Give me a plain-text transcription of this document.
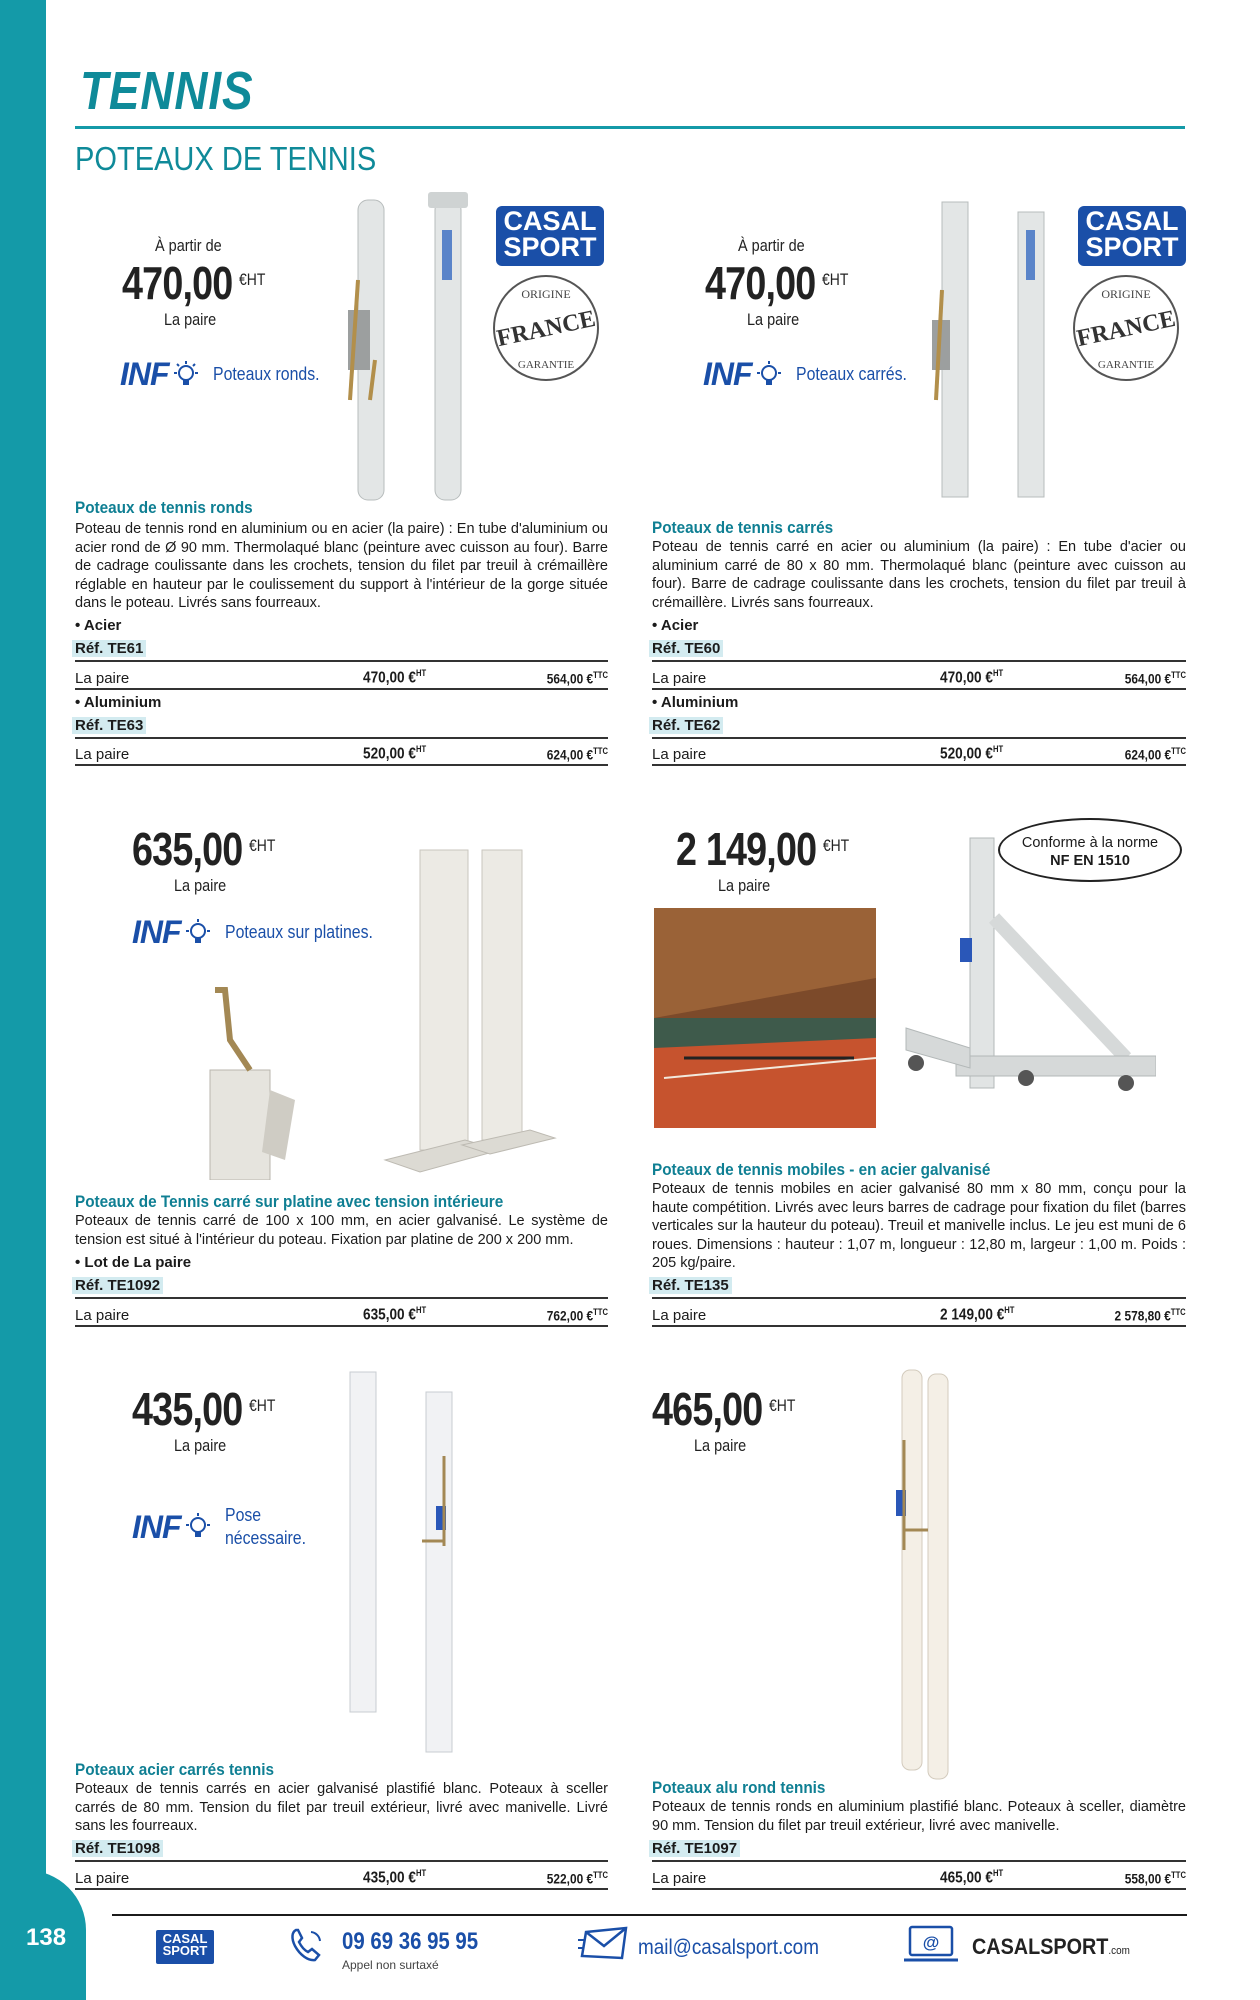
138
TENNIS
POTEAUX DE TENNIS
À partir de
470,00 $^{€HT}$
La paire
INF Poteaux ronds.
CASAL
SPORT
ORIGINE
FRANCE
GARANTIE
Poteaux de tennis ronds
Poteau de tennis rond en aluminium ou en acier (la paire) : En tube d'aluminium ou acier rond de Ø 90 mm. Thermolaqué blanc (peinture avec cuisson au four). Barre de cadrage coulissante dans les crochets, tension du filet par treuil à crémaillère réglable en hauteur par le coulissement du support à l'intérieur de la gorge située dans le poteau. Livrés sans fourreaux.
• Acier
Réf. TE61
La paire	470,00 €$^{HT}$	564,00 €$^{TTC}$
• Aluminium
Réf. TE63
La paire	520,00 €$^{HT}$	624,00 €$^{TTC}$
À partir de
470,00 $^{€HT}$
La paire
INF Poteaux carrés.
CASAL
SPORT
ORIGINE
FRANCE
GARANTIE
Poteaux de tennis carrés
Poteau de tennis carré en acier ou aluminium (la paire) : En tube d'acier ou aluminium carré de 80 x 80 mm. Thermolaqué blanc (peinture avec cuisson au four). Barre de cadrage coulissante dans les crochets, tension du filet par treuil à crémaillère. Livrés sans fourreaux.
• Acier
Réf. TE60
La paire	470,00 €$^{HT}$	564,00 €$^{TTC}$
• Aluminium
Réf. TE62
La paire	520,00 €$^{HT}$	624,00 €$^{TTC}$
635,00 $^{€HT}$
La paire
INF Poteaux sur platines.
Poteaux de Tennis carré sur platine avec tension intérieure
Poteaux de tennis carré de 100 x 100 mm, en acier galvanisé. Le système de tension est situé à l'intérieur du poteau. Fixation par platine de 200 x 200 mm.
• Lot de La paire
Réf. TE1092
La paire	635,00 €$^{HT}$	762,00 €$^{TTC}$
2 149,00 $^{€HT}$
La paire
Conforme à la norme
NF EN 1510
Poteaux de tennis mobiles - en acier galvanisé
Poteaux de tennis mobiles en acier galvanisé 80 mm x 80 mm, conçu pour la haute compétition. Livrés avec leurs barres de cadrage pour fixation du filet (barres verticales sur la hauteur du poteau). Treuil et manivelle inclus. Le jeu est muni de 6 roues. Dimensions : hauteur : 1,07 m, longueur : 12,80 m, largeur : 1,00 m. Poids : 205 kg/paire.
Réf. TE135
La paire	2 149,00 €$^{HT}$	2 578,80 €$^{TTC}$
435,00 $^{€HT}$
La paire
INF Pose
nécessaire.
Poteaux acier carrés tennis
Poteaux de tennis carrés en acier galvanisé plastifié blanc. Poteaux à sceller carrés de 80 mm. Tension du filet par treuil extérieur, livré avec manivelle. Livré sans les fourreaux.
Réf. TE1098
La paire	435,00 €$^{HT}$	522,00 €$^{TTC}$
465,00 $^{€HT}$
La paire
Poteaux alu rond tennis
Poteaux de tennis ronds en aluminium plastifié blanc. Poteaux à sceller, diamètre 90 mm. Tension du filet par treuil extérieur, livré avec manivelle.
Réf. TE1097
La paire	465,00 €$^{HT}$	558,00 €$^{TTC}$
CASAL
SPORT	09 69 36 95 95
Appel non surtaxé
mail@casalsport.com	@ CASALSPORT.com
